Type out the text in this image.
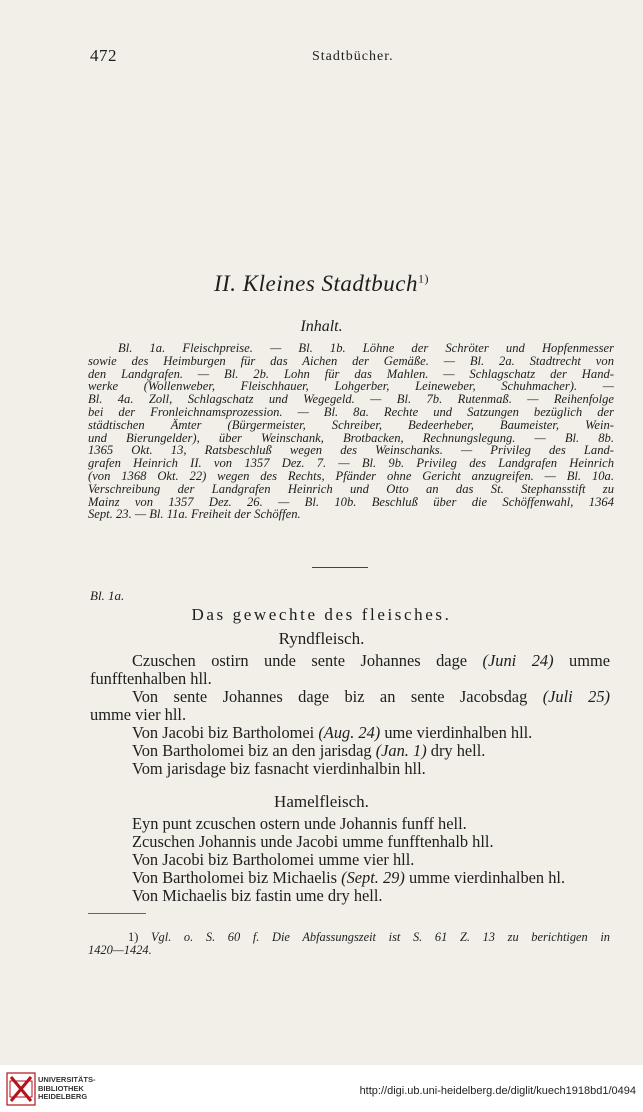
472	Stadtbücher.
II. Kleines Stadtbuch$^{1)}$
Inhalt.
Bl. 1a. Fleischpreise. — Bl. 1b. Löhne der Schröter und Hopfenmesser
sowie des Heimburgen für das Aichen der Gemäße. — Bl. 2a. Stadtrecht von
den Landgrafen. — Bl. 2b. Lohn für das Mahlen. — Schlagschatz der Hand-
werke (Wollenweber, Fleischhauer, Lohgerber, Leineweber, Schuhmacher). —
Bl. 4a. Zoll, Schlagschatz und Wegegeld. — Bl. 7b. Rutenmaß. — Reihenfolge
bei der Fronleichnamsprozession. — Bl. 8a. Rechte und Satzungen bezüglich der
städtischen Ämter (Bürgermeister, Schreiber, Bedeerheber, Baumeister, Wein-
und Bierungelder), über Weinschank, Brotbacken, Rechnungslegung. — Bl. 8b.
1365 Okt. 13, Ratsbeschluß wegen des Weinschanks. — Privileg des Land-
grafen Heinrich II. von 1357 Dez. 7. — Bl. 9b. Privileg des Landgrafen Heinrich
(von 1368 Okt. 22) wegen des Rechts, Pfänder ohne Gericht anzugreifen. — Bl. 10a.
Verschreibung der Landgrafen Heinrich und Otto an das St. Stephansstift zu
Mainz von 1357 Dez. 26. — Bl. 10b. Beschluß über die Schöffenwahl, 1364
Sept. 23. — Bl. 11a. Freiheit der Schöffen.
Bl. 1a.
Das gewechte des fleisches.
Ryndfleisch.
Czuschen ostirn unde sente Johannes dage (Juni 24) umme
funfftenhalben hll.
Von sente Johannes dage biz an sente Jacobsdag (Juli 25)
umme vier hll.
Von Jacobi biz Bartholomei (Aug. 24) ume vierdinhalben hll.
Von Bartholomei biz an den jarisdag (Jan. 1) dry hell.
Vom jarisdage biz fasnacht vierdinhalbin hll.
Hamelfleisch.
Eyn punt zcuschen ostern unde Johannis funff hell.
Zcuschen Johannis unde Jacobi umme funfftenhalb hll.
Von Jacobi biz Bartholomei umme vier hll.
Von Bartholomei biz Michaelis (Sept. 29) umme vierdinhalben hl.
Von Michaelis biz fastin ume dry hell.
1) Vgl. o. S. 60 f. Die Abfassungszeit ist S. 61 Z. 13 zu berichtigen in
1420—1424.
UNIVERSITÄTS-
BIBLIOTHEK
HEIDELBERG	http://digi.ub.uni-heidelberg.de/diglit/kuech1918bd1/0494
